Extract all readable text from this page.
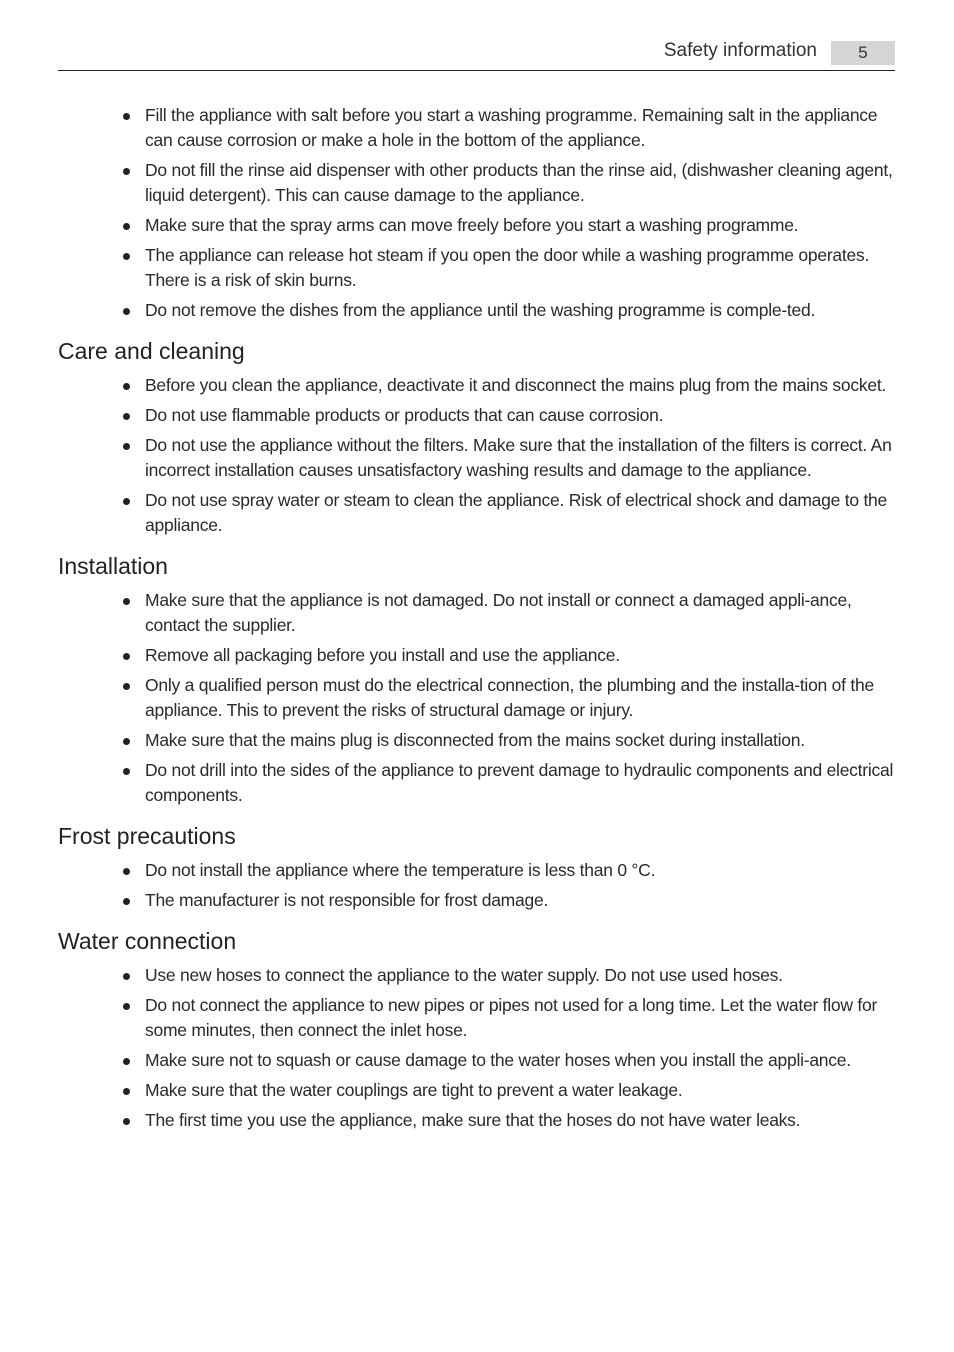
Safety information	5
Fill the appliance with salt before you start a washing programme. Remaining salt in the appliance can cause corrosion or make a hole in the bottom of the appliance.
Do not fill the rinse aid dispenser with other products than the rinse aid, (dishwasher cleaning agent, liquid detergent). This can cause damage to the appliance.
Make sure that the spray arms can move freely before you start a washing programme.
The appliance can release hot steam if you open the door while a washing programme operates. There is a risk of skin burns.
Do not remove the dishes from the appliance until the washing programme is comple-ted.
Care and cleaning
Before you clean the appliance, deactivate it and disconnect the mains plug from the mains socket.
Do not use flammable products or products that can cause corrosion.
Do not use the appliance without the filters. Make sure that the installation of the filters is correct. An incorrect installation causes unsatisfactory washing results and damage to the appliance.
Do not use spray water or steam to clean the appliance. Risk of electrical shock and damage to the appliance.
Installation
Make sure that the appliance is not damaged. Do not install or connect a damaged appli-ance, contact the supplier.
Remove all packaging before you install and use the appliance.
Only a qualified person must do the electrical connection, the plumbing and the installa-tion of the appliance. This to prevent the risks of structural damage or injury.
Make sure that the mains plug is disconnected from the mains socket during installation.
Do not drill into the sides of the appliance to prevent damage to hydraulic components and electrical components.
Frost precautions
Do not install the appliance where the temperature is less than 0 °C.
The manufacturer is not responsible for frost damage.
Water connection
Use new hoses to connect the appliance to the water supply. Do not use used hoses.
Do not connect the appliance to new pipes or pipes not used for a long time. Let the water flow for some minutes, then connect the inlet hose.
Make sure not to squash or cause damage to the water hoses when you install the appli-ance.
Make sure that the water couplings are tight to prevent a water leakage.
The first time you use the appliance, make sure that the hoses do not have water leaks.
